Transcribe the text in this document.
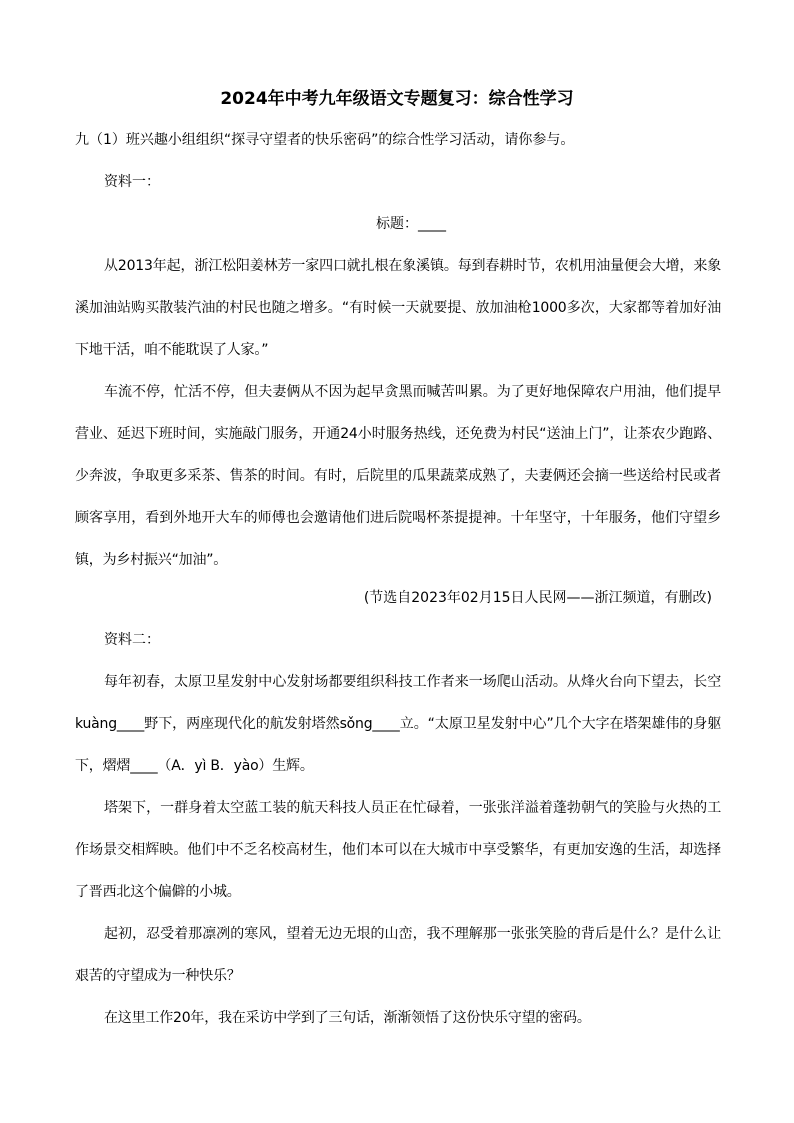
2024年中考九年级语文专题复习：综合性学习
九（1）班兴趣小组组织“探寻守望者的快乐密码”的综合性学习活动，请你参与。
资料一：
标题：____
从2013年起，浙江松阳姜林芳一家四口就扎根在象溪镇。每到春耕时节，农机用油量便会大增，来象溪加油站购买散装汽油的村民也随之增多。“有时候一天就要提、放加油枪1000多次，大家都等着加好油下地干活，咱不能耽误了人家。”
车流不停，忙活不停，但夫妻俩从不因为起早贪黑而喊苦叫累。为了更好地保障农户用油，他们提早营业、延迟下班时间，实施敲门服务，开通24小时服务热线，还免费为村民“送油上门”，让茶农少跑路、少奔波，争取更多采茶、售茶的时间。有时，后院里的瓜果蔬菜成熟了，夫妻俩还会摘一些送给村民或者顾客享用，看到外地开大车的师傅也会邀请他们进后院喝杯茶提提神。十年坚守，十年服务，他们守望乡镇，为乡村振兴“加油”。
(节选自2023年02月15日人民网——浙江频道，有删改)
资料二：
每年初春，太原卫星发射中心发射场都要组织科技工作者来一场爬山活动。从烽火台向下望去，长空kuàng____野下，两座现代化的航发射塔然sǒng____立。“太原卫星发射中心”几个大字在塔架雄伟的身躯下，熠熠____（A．yì B．yào）生辉。
塔架下，一群身着太空蓝工装的航天科技人员正在忙碌着，一张张洋溢着蓬勃朝气的笑脸与火热的工作场景交相辉映。他们中不乏名校高材生，他们本可以在大城市中享受繁华，有更加安逸的生活，却选择了晋西北这个偏僻的小城。
起初，忍受着那凛冽的寒风，望着无边无垠的山峦，我不理解那一张张笑脸的背后是什么？是什么让艰苦的守望成为一种快乐？
在这里工作20年，我在采访中学到了三句话，渐渐领悟了这份快乐守望的密码。
